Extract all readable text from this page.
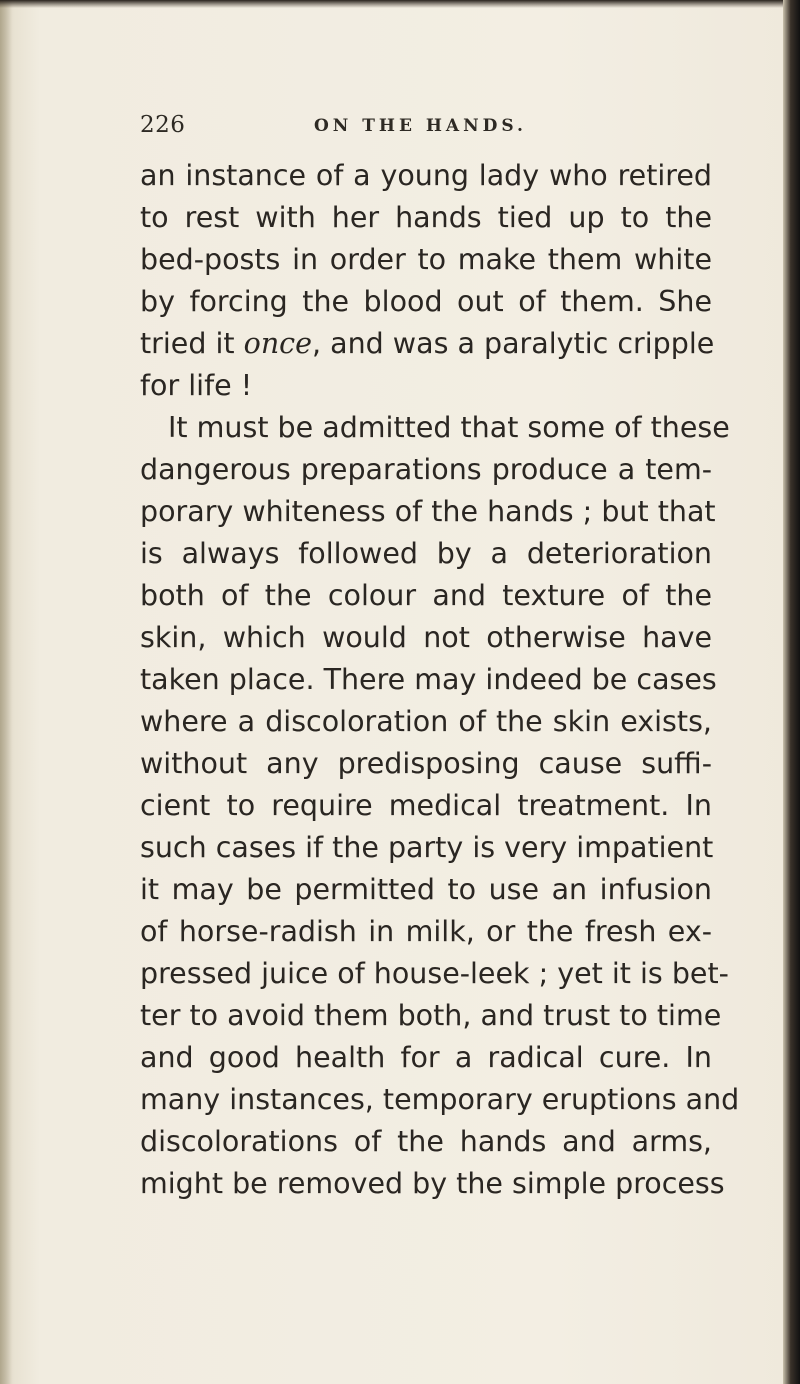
226	ON THE HANDS.
an instance of a young lady who retired
to rest with her hands tied up to the
bed-posts in order to make them white
by forcing the blood out of them. She
tried it once, and was a paralytic cripple
for life !
It must be admitted that some of these
dangerous preparations produce a tem-
porary whiteness of the hands ; but that
is always followed by a deterioration
both of the colour and texture of the
skin, which would not otherwise have
taken place. There may indeed be cases
where a discoloration of the skin exists,
without any predisposing cause suffi-
cient to require medical treatment. In
such cases if the party is very impatient
it may be permitted to use an infusion
of horse-radish in milk, or the fresh ex-
pressed juice of house-leek ; yet it is bet-
ter to avoid them both, and trust to time
and good health for a radical cure. In
many instances, temporary eruptions and
discolorations of the hands and arms,
might be removed by the simple process
